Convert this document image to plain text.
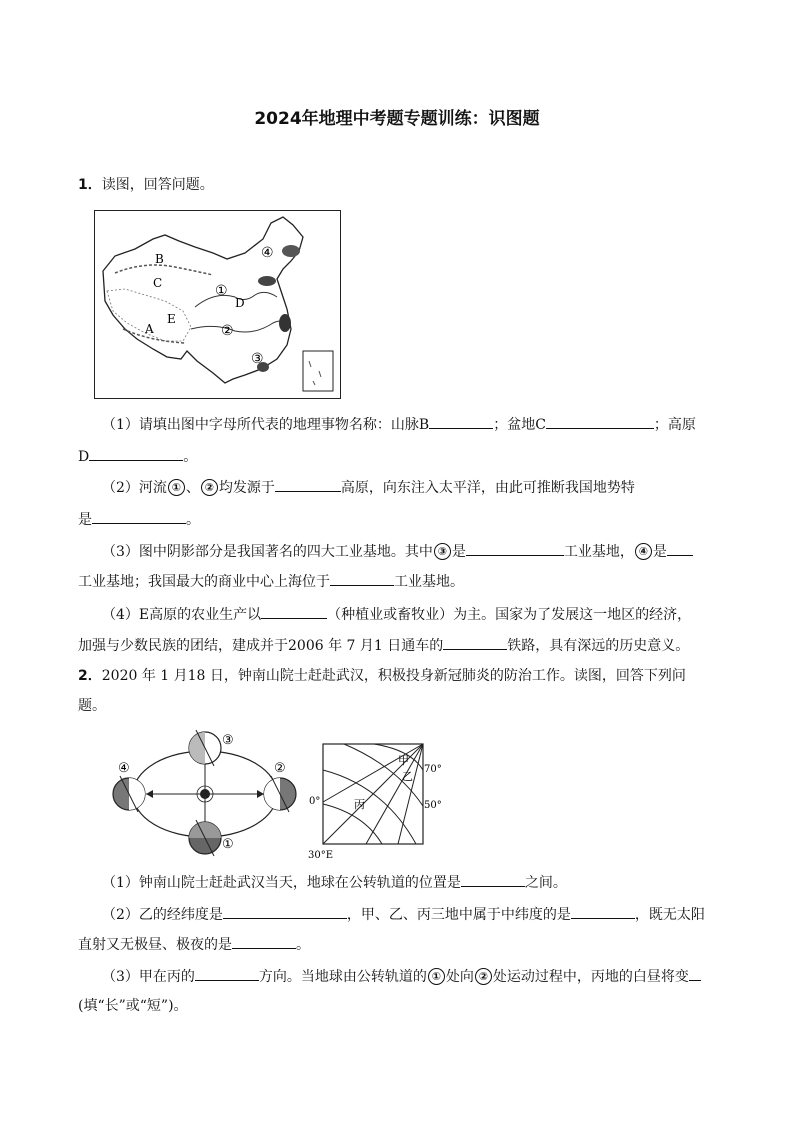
2024年地理中考题专题训练：识图题
1．读图，回答问题。
B
C
D
E
A
①
②
③
④
（1）请填出图中字母所代表的地理事物名称：山脉B	；盆地C	；高原
D	。
（2）河流 ① 、 ② 均发源于	高原，向东注入太平洋，由此可推断我国地势特
是	。
（3）图中阴影部分是我国著名的四大工业基地。其中 ③ 是	工业基地， ④ 是
工业基地；我国最大的商业中心上海位于	工业基地。
（4）E高原的农业生产以	（种植业或畜牧业）为主。国家为了发展这一地区的经济，
加强与少数民族的团结，建成并于2006 年 7 月1 日通车的	铁路，具有深远的历史意义。
2．2020 年 1 月18 日，钟南山院士赶赴武汉，积极投身新冠肺炎的防治工作。读图，回答下列问
题。
④
③
②
①
甲
乙
丙
70°
50°
0°
30°E
（1）钟南山院士赶赴武汉当天，地球在公转轨道的位置是	之间。
（2）乙的经纬度是	，甲、乙、丙三地中属于中纬度的是	，既无太阳
直射又无极昼、极夜的是	。
（3）甲在丙的	方向。当地球由公转轨道的 ① 处向 ② 处运动过程中，丙地的白昼将变
(填“长”或“短”)。
